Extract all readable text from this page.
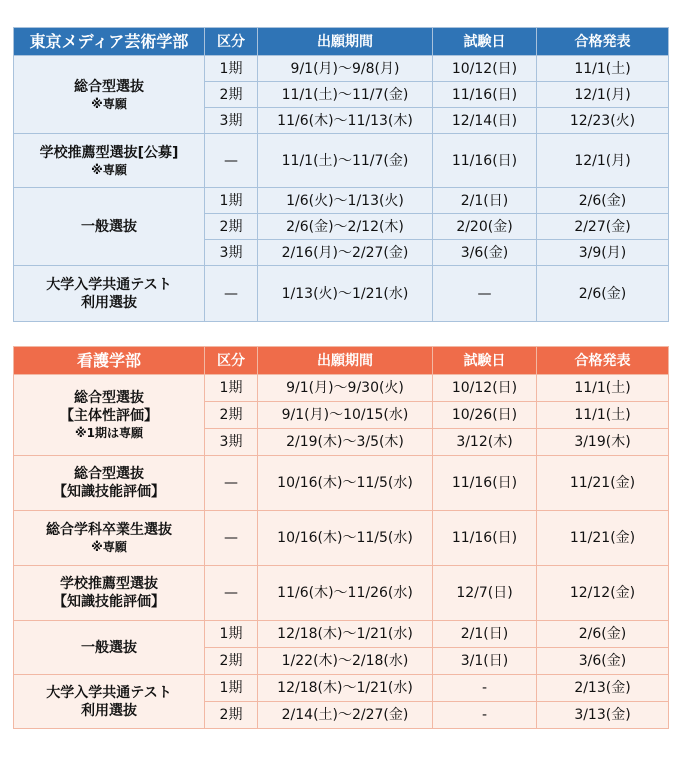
東京メディア芸術学部	区分	出願期間	試験日	合格発表

総合型選抜
※専願	1期	9/1(月)〜9/8(月)	10/12(日)	11/1(土)
	2期	11/1(土)〜11/7(金)	11/16(日)	12/1(月)
	3期	11/6(木)〜11/13(木)	12/14(日)	12/23(火)

学校推薦型選抜[公募]
※専願	—	11/1(土)〜11/7(金)	11/16(日)	12/1(月)

一般選抜	1期	1/6(火)〜1/13(火)	2/1(日)	2/6(金)
	2期	2/6(金)〜2/12(木)	2/20(金)	2/27(金)
	3期	2/16(月)〜2/27(金)	3/6(金)	3/9(月)

大学入学共通テスト
利用選抜	—	1/13(火)〜1/21(水)	—	2/6(金)
看護学部	区分	出願期間	試験日	合格発表

総合型選抜
【主体性評価】
※1期は専願	1期	9/1(月)〜9/30(火)	10/12(日)	11/1(土)
	2期	9/1(月)〜10/15(水)	10/26(日)	11/1(土)
	3期	2/19(木)〜3/5(木)	3/12(木)	3/19(木)

総合型選抜
【知識技能評価】	—	10/16(木)〜11/5(水)	11/16(日)	11/21(金)

総合学科卒業生選抜
※専願	—	10/16(木)〜11/5(水)	11/16(日)	11/21(金)

学校推薦型選抜
【知識技能評価】	—	11/6(木)〜11/26(水)	12/7(日)	12/12(金)

一般選抜	1期	12/18(木)〜1/21(水)	2/1(日)	2/6(金)
	2期	1/22(木)〜2/18(水)	3/1(日)	3/6(金)

大学入学共通テスト
利用選抜	1期	12/18(木)〜1/21(水)	-	2/13(金)
	2期	2/14(土)〜2/27(金)	-	3/13(金)
